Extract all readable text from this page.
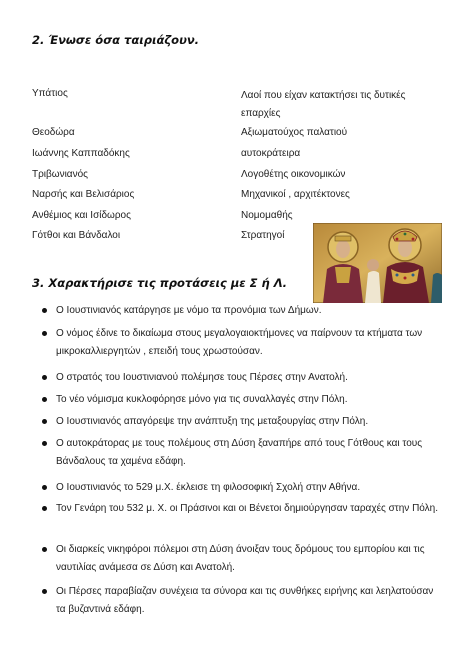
2. Ένωσε όσα ταιριάζουν.
Υπάτιος
Θεοδώρα
Ιωάννης Καππαδόκης
Τριβωνιανός
Ναρσής και Βελισάριος
Ανθέμιος και Ισίδωρος
Γότθοι και Βάνδαλοι
Λαοί που είχαν κατακτήσει τις δυτικές επαρχίες
Αξιωματούχος παλατιού
αυτοκράτειρα
Λογοθέτης οικονομικών
Μηχανικοί , αρχιτέκτονες
Νομομαθής
Στρατηγοί
3. Χαρακτήρισε τις προτάσεις με Σ ή Λ.
Ο Ιουστινιανός κατάργησε με νόμο τα προνόμια των Δήμων.
Ο νόμος έδινε το δικαίωμα στους μεγαλογαιοκτήμονες να παίρνουν τα κτήματα των μικροκαλλιεργητών , επειδή τους χρωστούσαν.
Ο στρατός του Ιουστινιανού πολέμησε τους Πέρσες στην Ανατολή.
Το νέο νόμισμα κυκλοφόρησε μόνο για τις συναλλαγές στην Πόλη.
Ο Ιουστινιανός απαγόρεψε την ανάπτυξη της μεταξουργίας στην Πόλη.
Ο αυτοκράτορας με τους πολέμους στη Δύση ξαναπήρε από τους Γότθους και τους Βάνδαλους τα χαμένα εδάφη.
Ο Ιουστινιανός το 529 μ.Χ. έκλεισε τη φιλοσοφική Σχολή στην Αθήνα.
Τον Γενάρη του 532 μ. Χ. οι Πράσινοι και οι Βένετοι δημιούργησαν ταραχές στην Πόλη.
Οι διαρκείς νικηφόροι πόλεμοι στη Δύση άνοιξαν τους δρόμους του εμπορίου και τις ναυτιλίας ανάμεσα σε Δύση και Ανατολή.
Οι Πέρσες παραβίαζαν συνέχεια τα σύνορα και τις συνθήκες ειρήνης και λεηλατούσαν τα βυζαντινά εδάφη.
